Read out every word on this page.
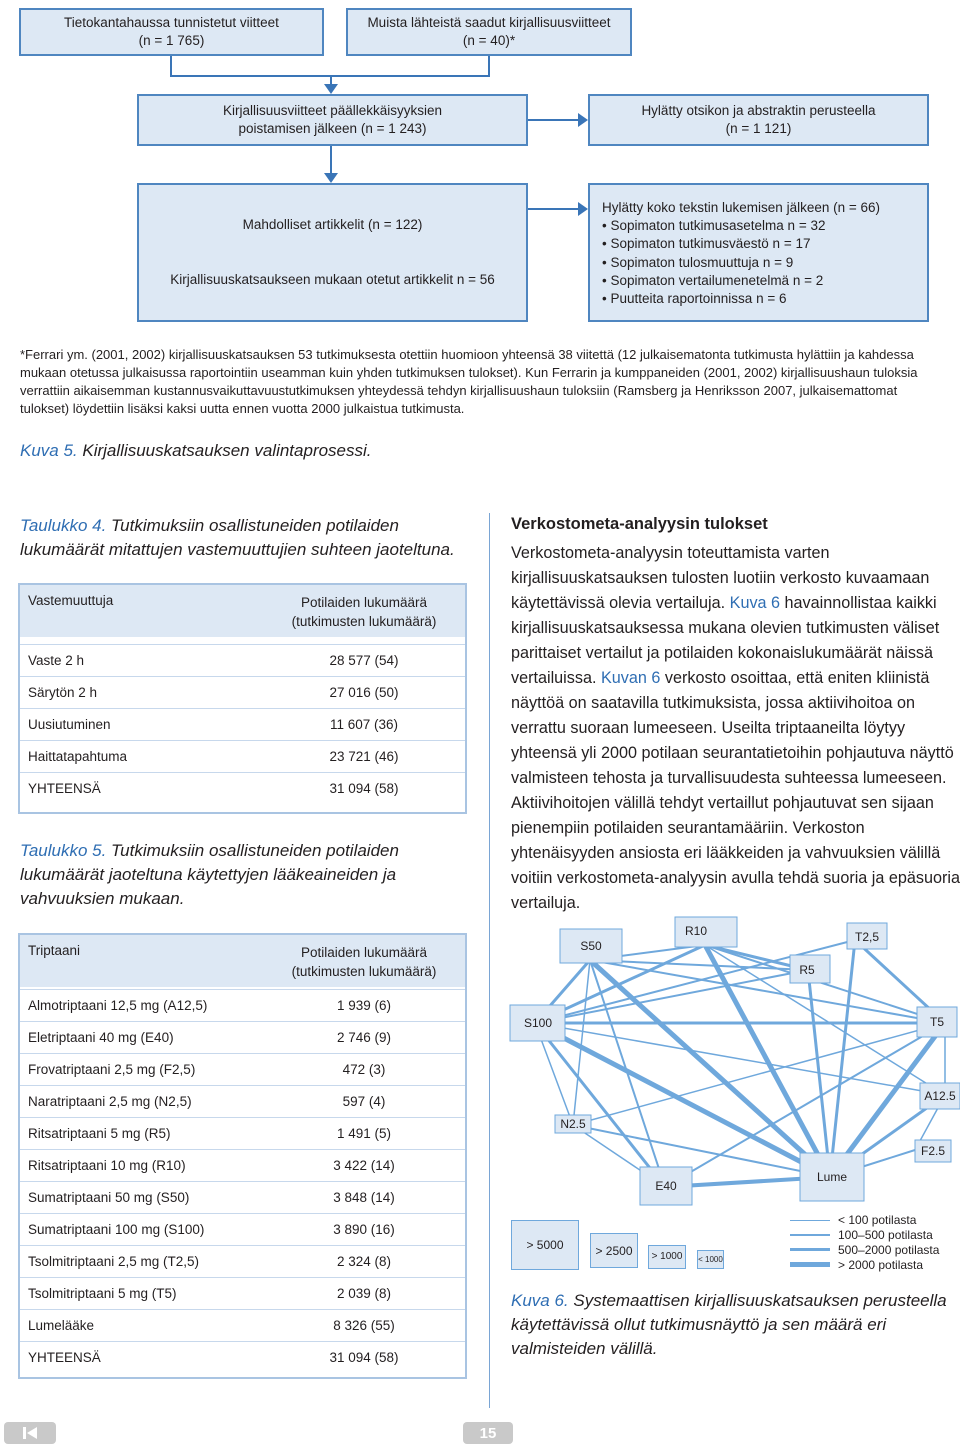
Tietokantahaussa tunnistetut viitteet
(n = 1 765)
Muista lähteistä saadut kirjallisuusviitteet
(n = 40)*
Kirjallisuusviitteet päällekkäisyyksien
poistamisen jälkeen (n = 1 243)
Hylätty otsikon ja abstraktin perusteella
(n = 1 121)
Mahdolliset artikkelit (n = 122)
Kirjallisuuskatsaukseen mukaan otetut artikkelit n = 56
Hylätty koko tekstin lukemisen jälkeen (n = 66)
• Sopimaton tutkimusasetelma n = 32
• Sopimaton tutkimusväestö n = 17
• Sopimaton tulosmuuttuja n = 9
• Sopimaton vertailumenetelmä n = 2
• Puutteita raportoinnissa n = 6
*Ferrari ym. (2001, 2002) kirjallisuuskatsauksen 53 tutkimuksesta otettiin huomioon yhteensä 38 viitettä (12 julkaisematonta tutkimusta hylättiin ja kahdessa mukaan otetussa julkaisussa raportointiin useamman kuin yhden tutkimuksen tulokset). Kun Ferrarin ja kumppaneiden (2001, 2002) kirjallisuushaun tuloksia verrattiin aikaisemman kustannusvaikuttavuustutkimuksen yhteydessä tehdyn kirjallisuushaun tuloksiin (Ramsberg ja Henriksson 2007, julkaisemattomat tulokset) löydettiin lisäksi kaksi uutta ennen vuotta 2000 julkaistua tutkimusta.
Kuva 5. Kirjallisuuskatsauksen valintaprosessi.
Taulukko 4. Tutkimuksiin osallistuneiden potilaiden lukumäärät mitattujen vastemuuttujien suhteen jaoteltuna.
Vastemuuttuja	Potilaiden lukumäärä
(tutkimusten lukumäärä)
Vaste 2 h	28 577 (54)
Särytön 2 h	27 016 (50)
Uusiutuminen	11 607 (36)
Haittatapahtuma	23 721 (46)
YHTEENSÄ	31 094 (58)
Taulukko 5. Tutkimuksiin osallistuneiden potilaiden lukumäärät jaoteltuna käytettyjen lääkeaineiden ja vahvuuksien mukaan.
Triptaani	Potilaiden lukumäärä
(tutkimusten lukumäärä)
Almotriptaani 12,5 mg (A12,5)	1 939 (6)
Eletriptaani 40 mg (E40)	2 746 (9)
Frovatriptaani 2,5 mg (F2,5)	472 (3)
Naratriptaani 2,5 mg (N2,5)	597 (4)
Ritsatriptaani 5 mg (R5)	1 491 (5)
Ritsatriptaani 10 mg (R10)	3 422 (14)
Sumatriptaani 50 mg (S50)	3 848 (14)
Sumatriptaani 100 mg (S100)	3 890 (16)
Tsolmitriptaani 2,5 mg (T2,5)	2 324 (8)
Tsolmitriptaani 5 mg (T5)	2 039 (8)
Lumelääke	8 326 (55)
YHTEENSÄ	31 094 (58)
Verkostometa-analyysin tulokset
Verkostometa-analyysin toteuttamista varten kirjallisuuskatsauksen tulosten luotiin verkosto kuvaamaan käytettävissä olevia vertailuja. Kuva 6 havainnollistaa kaikki kirjallisuuskatsauksessa mukana olevien tutkimusten väliset parittaiset vertailut ja potilaiden kokonaislukumäärät näissä vertailuissa. Kuvan 6 verkosto osoittaa, että eniten kliinistä näyttöä on saatavilla tutkimuksista, jossa aktiivihoitoa on verrattu suoraan lumeeseen. Useilta triptaaneilta löytyy yhteensä yli 2000 potilaan seurantatietoihin pohjautuva näyttö valmisteen tehosta ja turvallisuudesta suhteessa lumeeseen. Aktiivihoitojen välillä tehdyt vertaillut pohjautuvat sen sijaan pienempiin potilaiden seurantamääriin. Verkoston yhtenäisyyden ansiosta eri lääkkeiden ja vahvuuksien välillä voitiin verkostometa-analyysin avulla tehdä suoria ja epäsuoria vertailuja.
S50
R10
R5
T2,5
S100	T5
A12.5
N2.5
F2.5
E40
Lume
> 5000	> 2500	> 1000	< 1000
< 100 potilasta
100–500 potilasta
500–2000 potilasta
> 2000 potilasta
Kuva 6. Systemaattisen kirjallisuuskatsauksen perusteella käytettävissä ollut tutkimusnäyttö ja sen määrä eri valmisteiden välillä.
15
